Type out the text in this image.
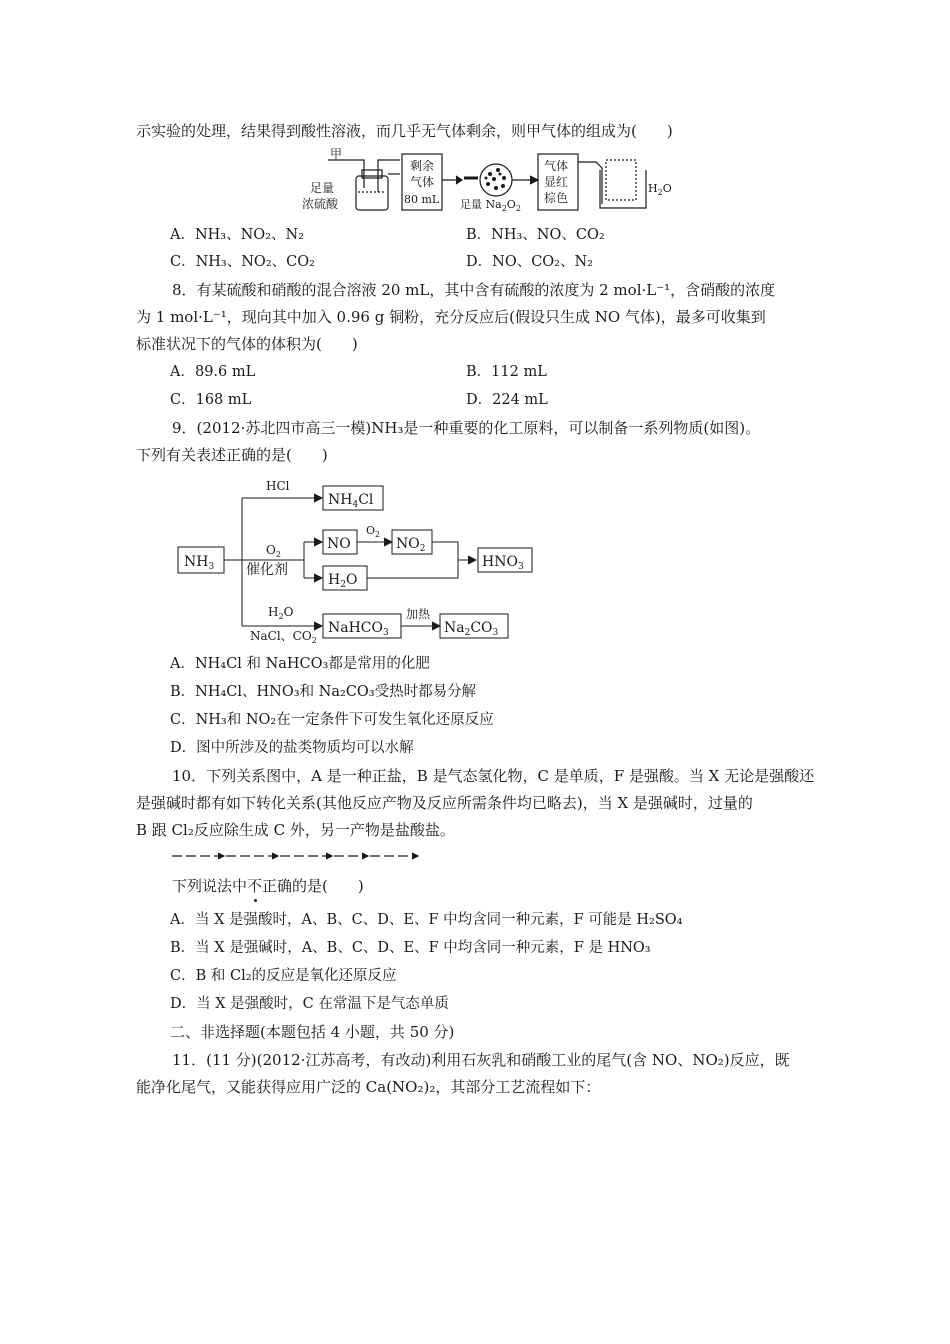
示实验的处理，结果得到酸性溶液，而几乎无气体剩余，则甲气体的组成为(　　)
甲
足量
浓硫酸
剩余
气体
80 mL 足量 $Na_2O_2$
气体
显红
棕色
$H_2O$
A．NH₃、NO₂、N₂	B．NH₃、NO、CO₂
C．NH₃、NO₂、CO₂	D．NO、CO₂、N₂
8．有某硫酸和硝酸的混合溶液 20 mL，其中含有硫酸的浓度为 2 mol·L⁻¹，含硝酸的浓度
为 1 mol·L⁻¹，现向其中加入 0.96 g 铜粉，充分反应后(假设只生成 NO 气体)，最多可收集到
标准状况下的气体的体积为(　　)
A．89.6 mL	B．112 mL
C．168 mL	D．224 mL
9．(2012·苏北四市高三一模)NH₃是一种重要的化工原料，可以制备一系列物质(如图)。
下列有关表述正确的是(　　)
$NH_3$
HCl
$NH_4Cl$
$O_2$
催化剂
NO
$O_2$
$NO_2$
$H_2O$
$HNO_3$
$H_2O$
NaCl、$CO_2$
NaHCO$_3$
加热
$Na_2CO_3$
A．NH₄Cl 和 NaHCO₃都是常用的化肥
B．NH₄Cl、HNO₃和 Na₂CO₃受热时都易分解
C．NH₃和 NO₂在一定条件下可发生氧化还原反应
D．图中所涉及的盐类物质均可以水解
10．下列关系图中，A 是一种正盐，B 是气态氢化物，C 是单质，F 是强酸。当 X 无论是强酸还
是强碱时都有如下转化关系(其他反应产物及反应所需条件均已略去)，当 X 是强碱时，过量的
B 跟 Cl₂反应除生成 C 外，另一产物是盐酸盐。
下列说法中不正确的是(　　)
A．当 X 是强酸时，A、B、C、D、E、F 中均含同一种元素，F 可能是 H₂SO₄
B．当 X 是强碱时，A、B、C、D、E、F 中均含同一种元素，F 是 HNO₃
C．B 和 Cl₂的反应是氧化还原反应
D．当 X 是强酸时，C 在常温下是气态单质
二、非选择题(本题包括 4 小题，共 50 分)
11．(11 分)(2012·江苏高考，有改动)利用石灰乳和硝酸工业的尾气(含 NO、NO₂)反应，既
能净化尾气，又能获得应用广泛的 Ca(NO₂)₂，其部分工艺流程如下：
